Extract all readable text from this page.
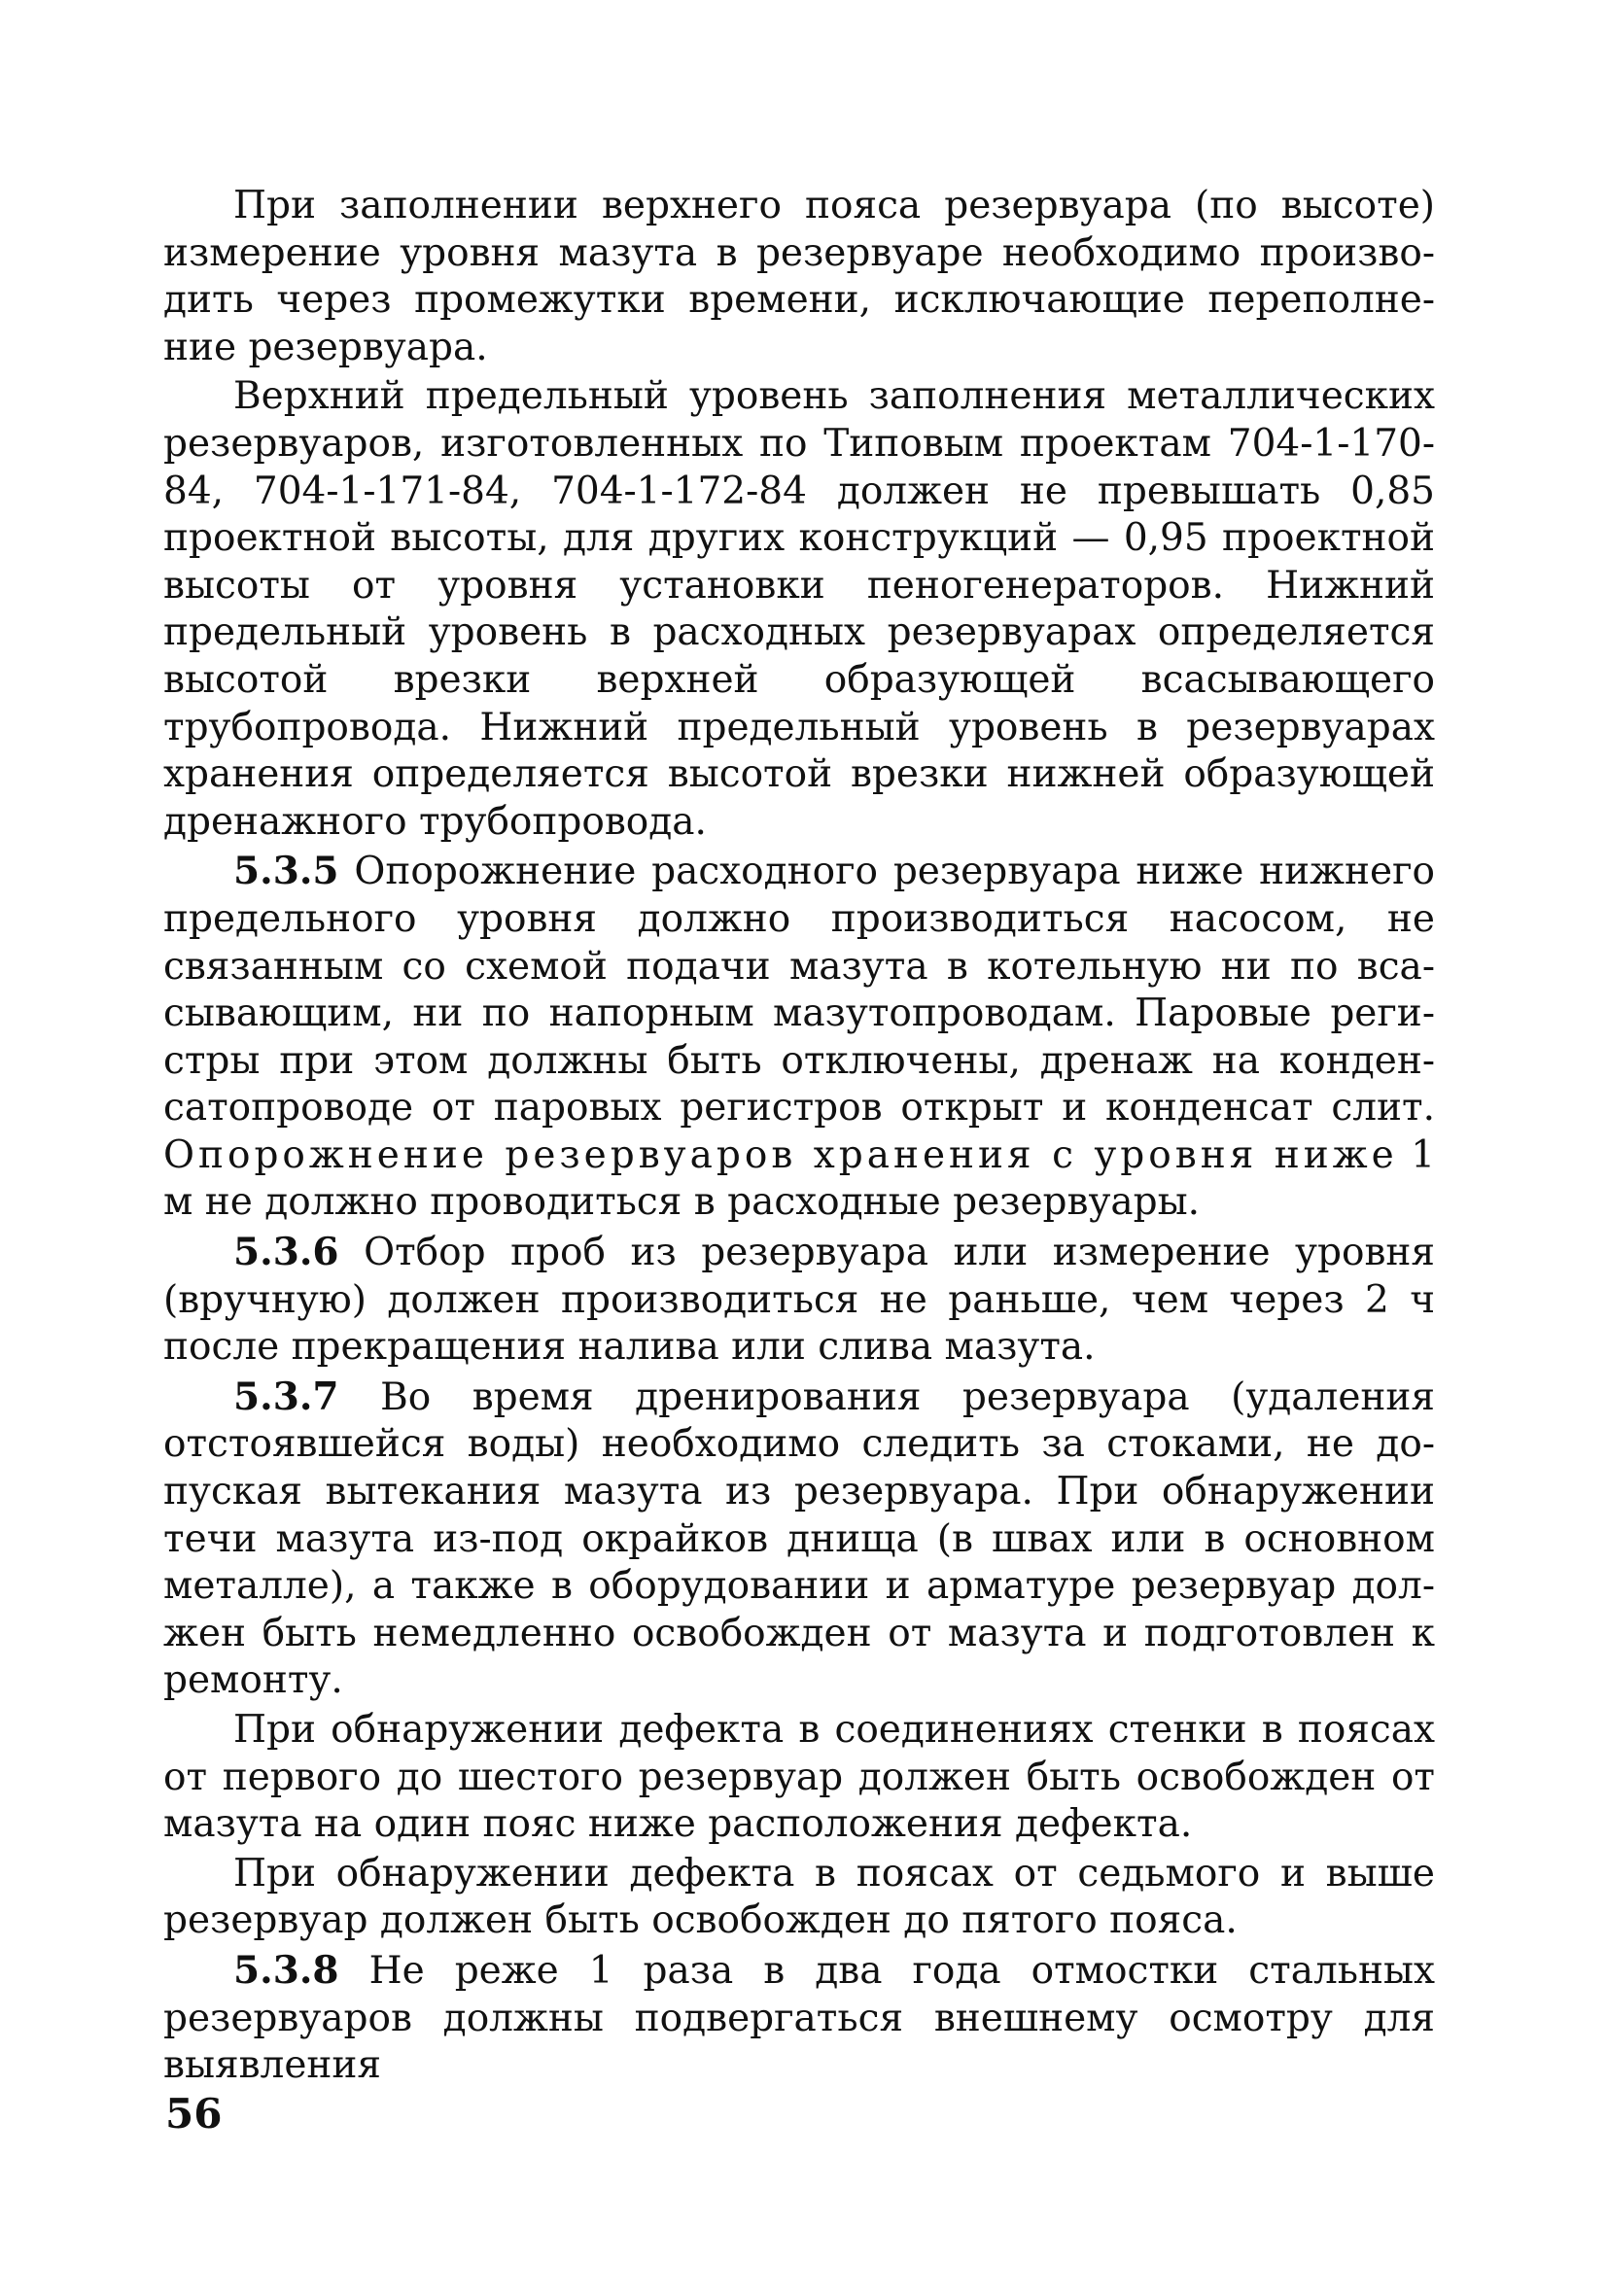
При заполнении верхнего пояса резервуара (по высоте) измерение уровня мазута в резервуаре необходимо производить через промежутки времени, исключающие переполнение резервуара.

Верхний предельный уровень заполнения металлических резервуаров, изготовленных по Типовым проектам 704-1-170-84, 704-1-171-84, 704-1-172-84 должен не превышать 0,85 проектной высоты, для других конструкций — 0,95 проектной высоты от уровня установки пеногенераторов. Нижний предельный уровень в расходных резервуарах определяется высотой врезки верхней образующей всасывающего трубопровода. Нижний предельный уровень в резервуарах хранения определяется высотой врезки нижней образующей дренажного трубопровода.

5.3.5 Опорожнение расходного резервуара ниже нижнего предельного уровня должно производиться насосом, не связанным со схемой подачи мазута в котельную ни по всасывающим, ни по напорным мазутопроводам. Паровые регистры при этом должны быть отключены, дренаж на конденсатопроводе от паровых регистров открыт и конденсат слит. Опорожнение резервуаров хранения с уровня ниже 1 м не должно проводиться в расходные резервуары.

5.3.6 Отбор проб из резервуара или измерение уровня (вручную) должен производиться не раньше, чем через 2 ч после прекращения налива или слива мазута.

5.3.7 Во время дренирования резервуара (удаления отстоявшейся воды) необходимо следить за стоками, не допуская вытекания мазута из резервуара. При обнаружении течи мазута из-под окрайков днища (в швах или в основном металле), а также в оборудовании и арматуре резервуар должен быть немедленно освобожден от мазута и подготовлен к ремонту.

При обнаружении дефекта в соединениях стенки в поясах от первого до шестого резервуар должен быть освобожден от мазута на один пояс ниже расположения дефекта.

При обнаружении дефекта в поясах от седьмого и выше резервуар должен быть освобожден до пятого пояса.

5.3.8 Не реже 1 раза в два года отмостки стальных резервуаров должны подвергаться внешнему осмотру для выявления

56
